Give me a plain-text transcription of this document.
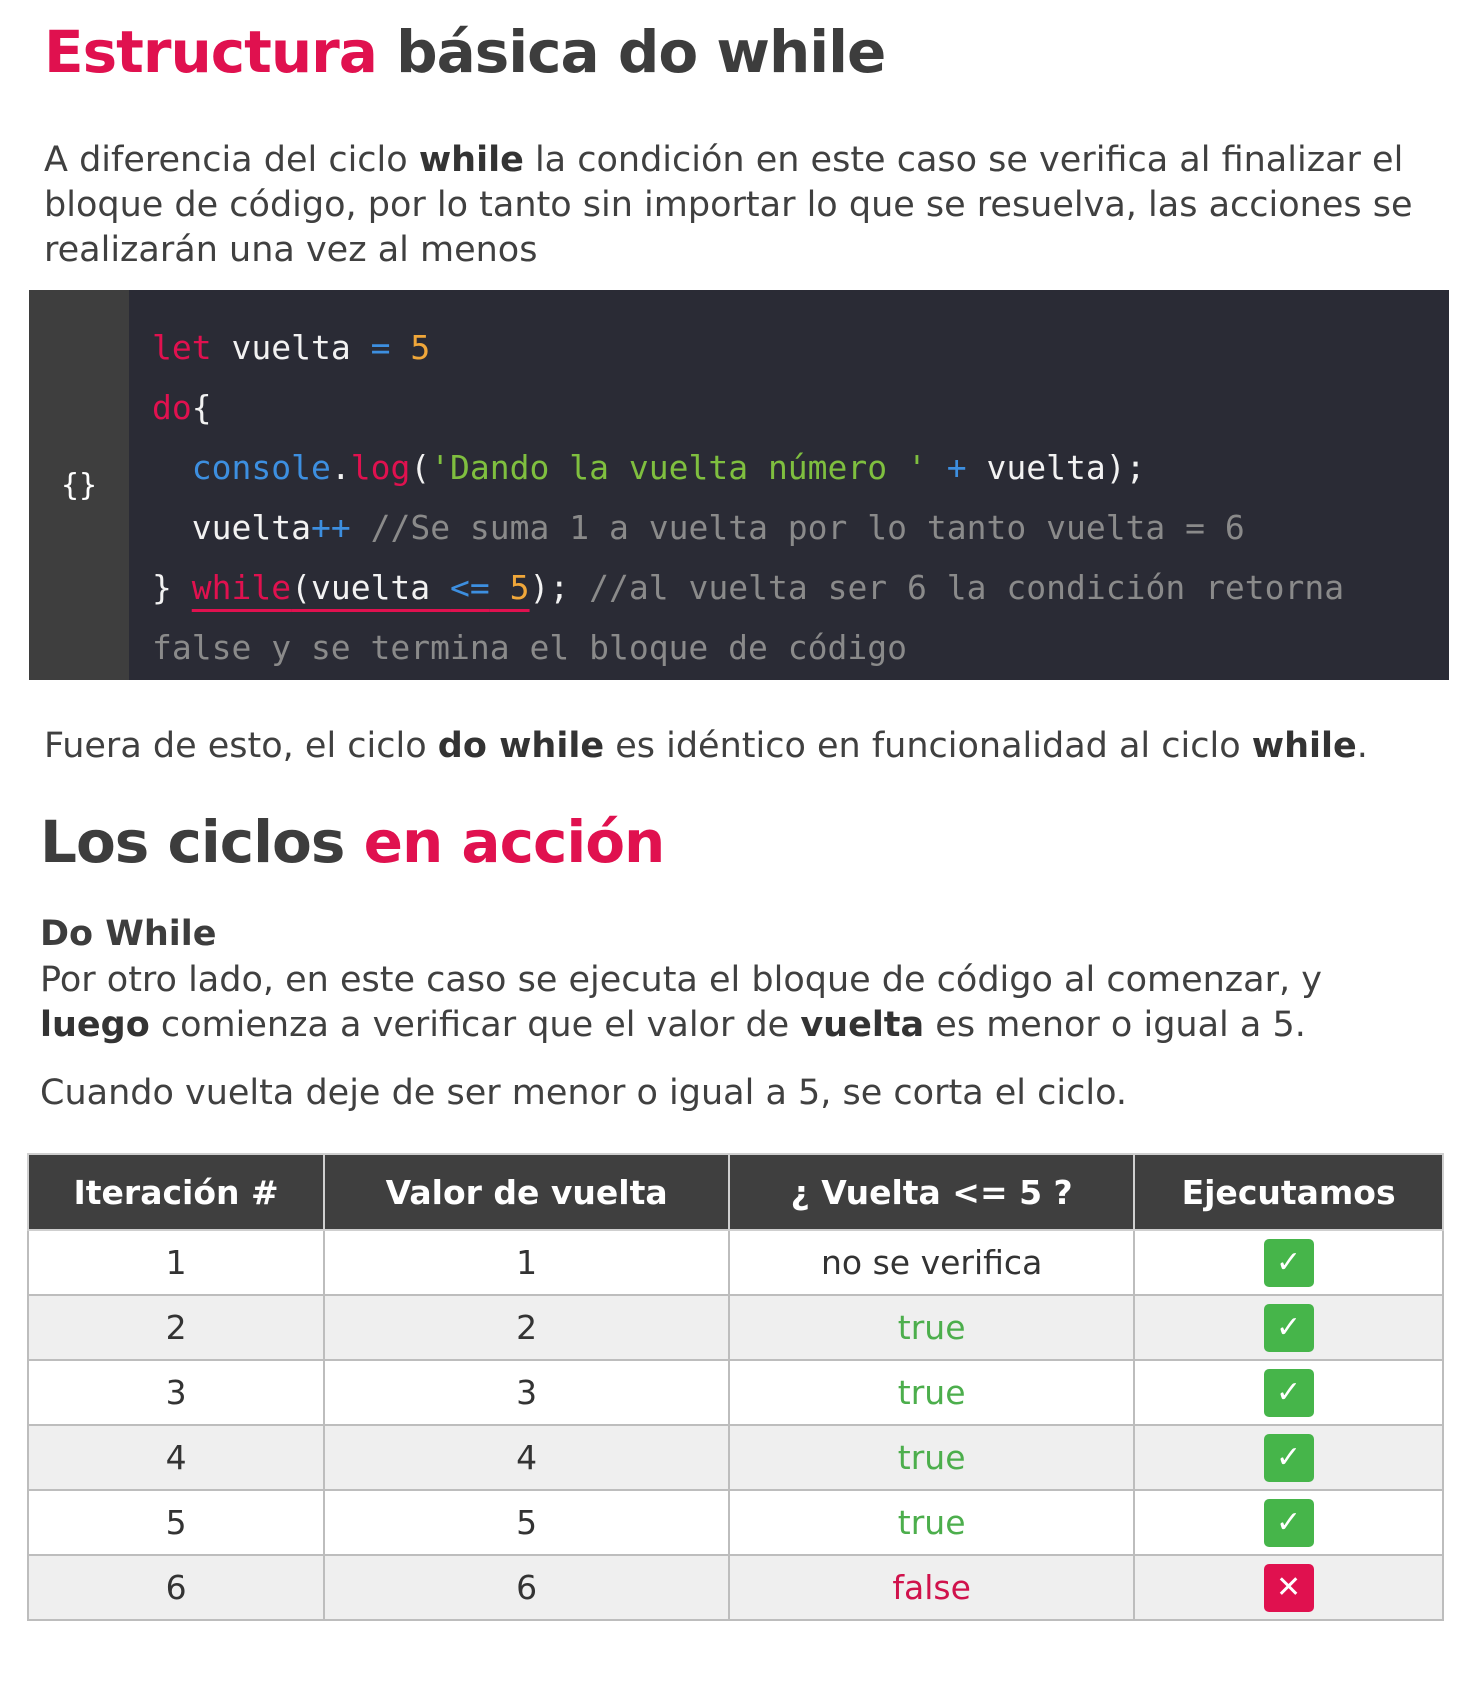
Estructura básica do while

A diferencia del ciclo while la condición en este caso se verifica al finalizar el bloque de código, por lo tanto sin importar lo que se resuelva, las acciones se realizarán una vez al menos

{}
let vuelta = 5
do{
console.log('Dando la vuelta número ' + vuelta);
vuelta++ //Se suma 1 a vuelta por lo tanto vuelta = 6
} while(vuelta <= 5); //al vuelta ser 6 la condición retorna false y se termina el bloque de código

Fuera de esto, el ciclo do while es idéntico en funcionalidad al ciclo while.

Los ciclos en acción

Do While

Por otro lado, en este caso se ejecuta el bloque de código al comenzar, y luego comienza a verificar que el valor de vuelta es menor o igual a 5.

Cuando vuelta deje de ser menor o igual a 5, se corta el ciclo.

Iteración #	Valor de vuelta	¿ Vuelta <= 5 ?	Ejecutamos
1	1	no se verifica	✓
2	2	true	✓
3	3	true	✓
4	4	true	✓
5	5	true	✓
6	6	false	✕
